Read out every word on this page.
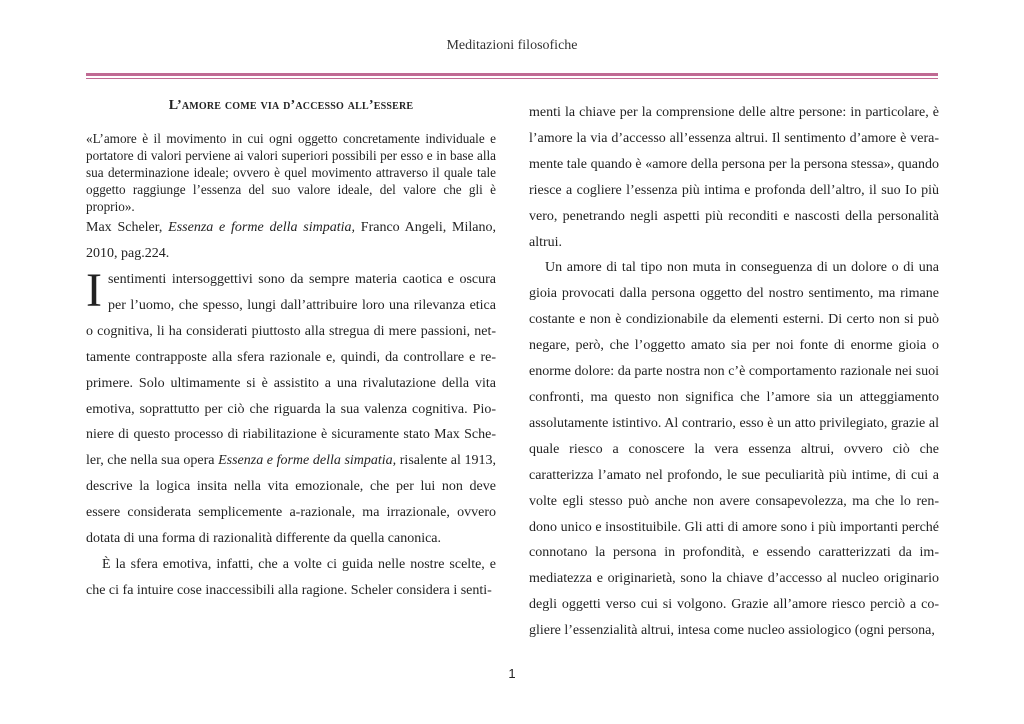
Meditazioni filosofiche
L’amore come via d’accesso all’essere

«L’amore è il movimento in cui ogni oggetto concretamente individuale e portatore di valori perviene ai valori superiori possibili per esso e in base alla sua determinazione ideale; ovvero è quel movimento attraverso il quale tale oggetto raggiunge l’essenza del suo valore ideale, del valore che gli è proprio».

Max Scheler, Essenza e forme della simpatia, Franco Angeli, Milano, 2010, pag.224.

I sentimenti intersoggettivi sono da sempre materia caotica e oscura per l’uomo, che spesso, lungi dall’attribuire loro una rilevanza etica o cognitiva, li ha considerati piuttosto alla stregua di mere passioni, nettamente contrapposte alla sfera razionale e, quindi, da controllare e reprimere. Solo ultimamente si è assistito a una rivalutazione della vita emotiva, soprattutto per ciò che riguarda la sua valenza cognitiva. Pioniere di questo processo di riabilitazione è sicuramente stato Max Scheler, che nella sua opera Essenza e forme della simpatia, risalente al 1913, descrive la logica insita nella vita emozionale, che per lui non deve essere considerata semplicemente a-razionale, ma irrazionale, ovvero dotata di una forma di razionalità differente da quella canonica.

È la sfera emotiva, infatti, che a volte ci guida nelle nostre scelte, e che ci fa intuire cose inaccessibili alla ragione. Scheler considera i senti-

menti la chiave per la comprensione delle altre persone: in particolare, è l’amore la via d’accesso all’essenza altrui. Il sentimento d’amore è veramente tale quando è «amore della persona per la persona stessa», quando riesce a cogliere l’essenza più intima e profonda dell’altro, il suo Io più vero, penetrando negli aspetti più reconditi e nascosti della personalità altrui.

Un amore di tal tipo non muta in conseguenza di un dolore o di una gioia provocati dalla persona oggetto del nostro sentimento, ma rimane costante e non è condizionabile da elementi esterni. Di certo non si può negare, però, che l’oggetto amato sia per noi fonte di enorme gioia o enorme dolore: da parte nostra non c’è comportamento razionale nei suoi confronti, ma questo non significa che l’amore sia un atteggiamento assolutamente istintivo. Al contrario, esso è un atto privilegiato, grazie al quale riesco a conoscere la vera essenza altrui, ovvero ciò che caratterizza l’amato nel profondo, le sue peculiarità più intime, di cui a volte egli stesso può anche non avere consapevolezza, ma che lo rendono unico e insostituibile. Gli atti di amore sono i più importanti perché connotano la persona in profondità, e essendo caratterizzati da immediatezza e originarietà, sono la chiave d’accesso al nucleo originario degli oggetti verso cui si volgono. Grazie all’amore riesco perciò a cogliere l’essenzialità altrui, intesa come nucleo assiologico (ogni persona,

1
